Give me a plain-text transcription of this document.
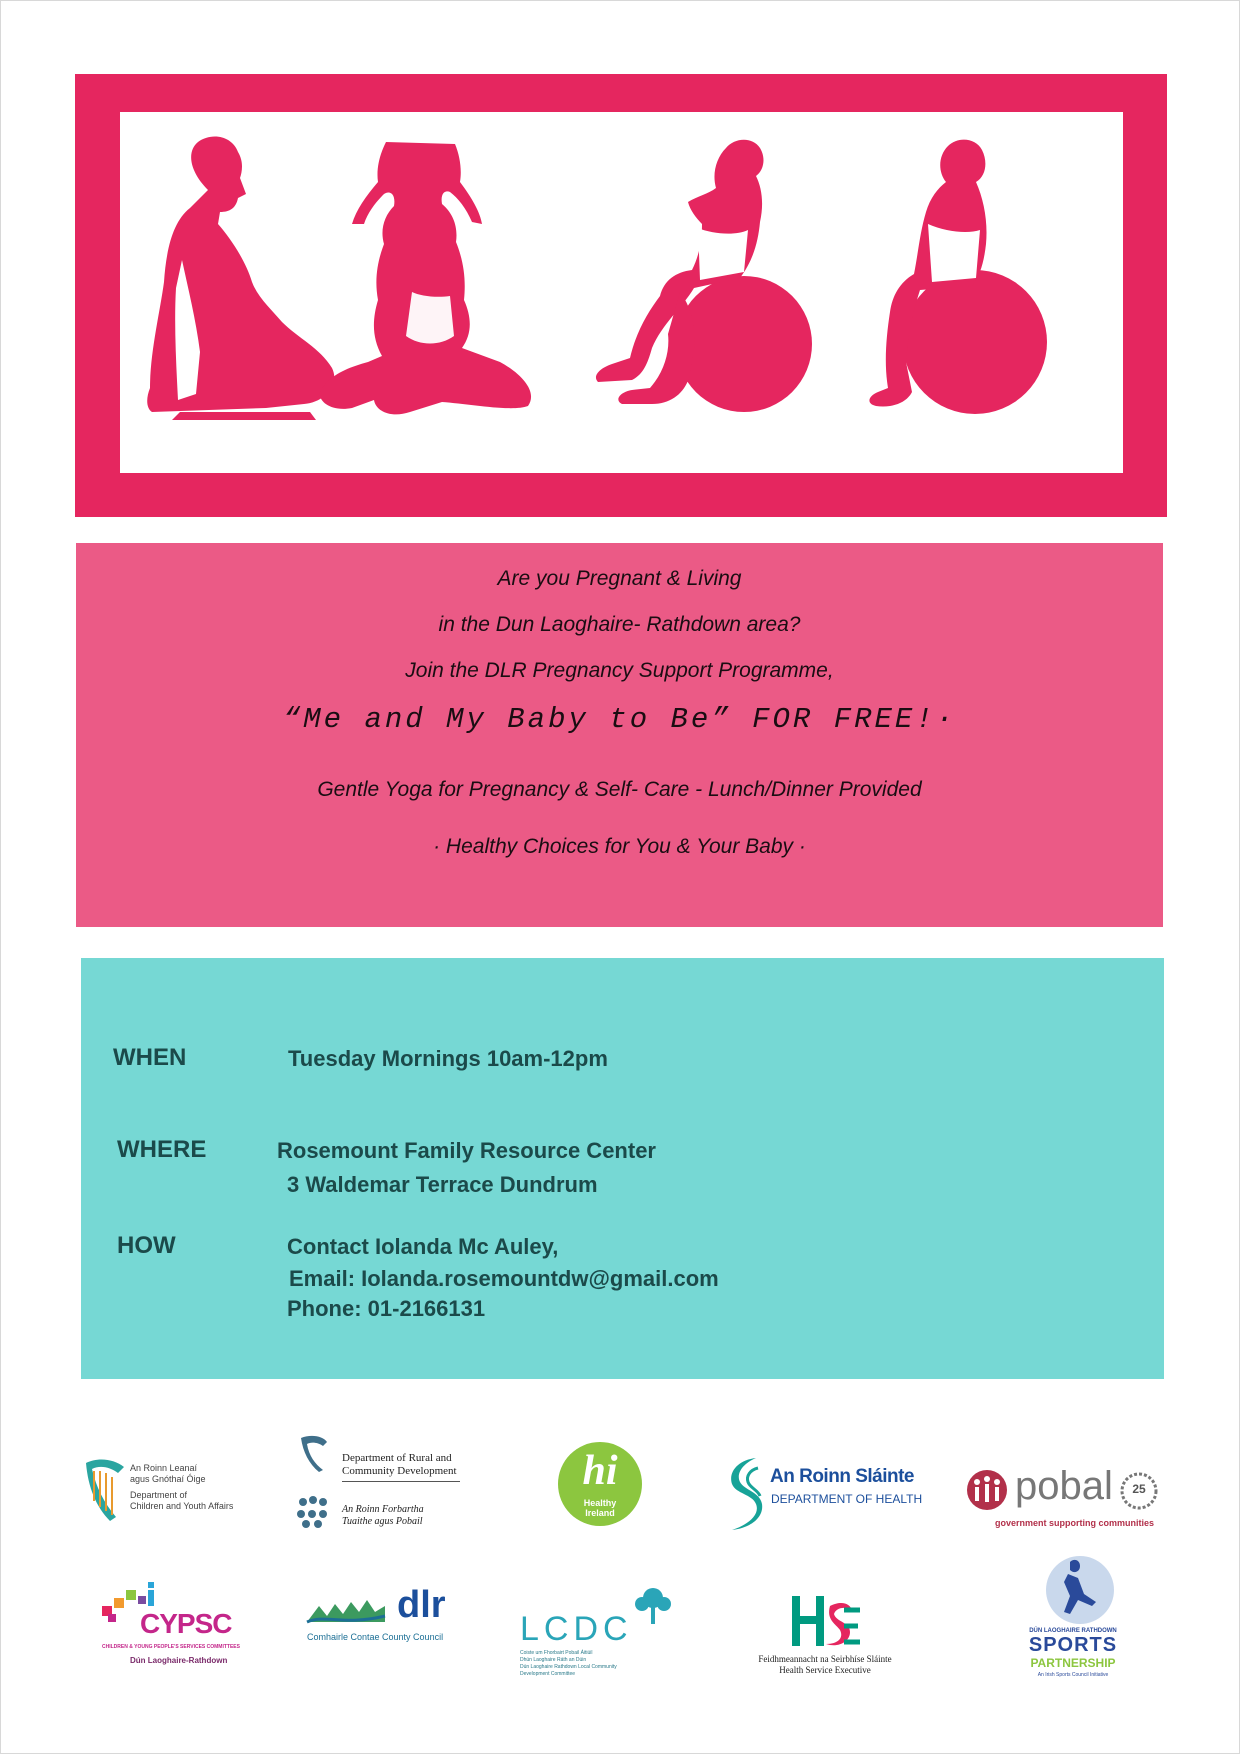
Are you Pregnant & Living

in the Dun Laoghaire- Rathdown area?

Join the DLR Pregnancy Support Programme,

“Me and My Baby to Be” FOR FREE!·

Gentle Yoga for Pregnancy & Self- Care - Lunch/Dinner Provided

· Healthy Choices for You & Your Baby ·

WHEN	Tuesday Mornings 10am-12pm

WHERE	Rosemount Family Resource Center

3 Waldemar Terrace Dundrum

HOW	Contact Iolanda Mc Auley,

Email: Iolanda.rosemountdw@gmail.com

Phone: 01-2166131

An Roinn Leanaí

agus Gnóthaí Óige

Department of

Children and Youth Affairs

Department of Rural and

Community Development

An Roinn Forbartha

Tuaithe agus Pobail

hi

Healthy

Ireland

An Roinn Sláinte

DEPARTMENT OF HEALTH pobal	25

government supporting communities

CYPSC

CHILDREN & YOUNG PEOPLE'S SERVICES COMMITTEES

Dún Laoghaire-Rathdown

dlr

Comhairle Contae County Council LCDC

Coiste um Fhorbairt Pobail Áitiúil

Dhún Laoghaire Ráth an Dúin

Dún Laoghaire Rathdown Local Community

Development Committee

Feidhmeannacht na Seirbhíse Sláinte

Health Service Executive

DÚN LAOGHAIRE RATHDOWN

SPORTS

PARTNERSHIP

An Irish Sports Council Initiative
